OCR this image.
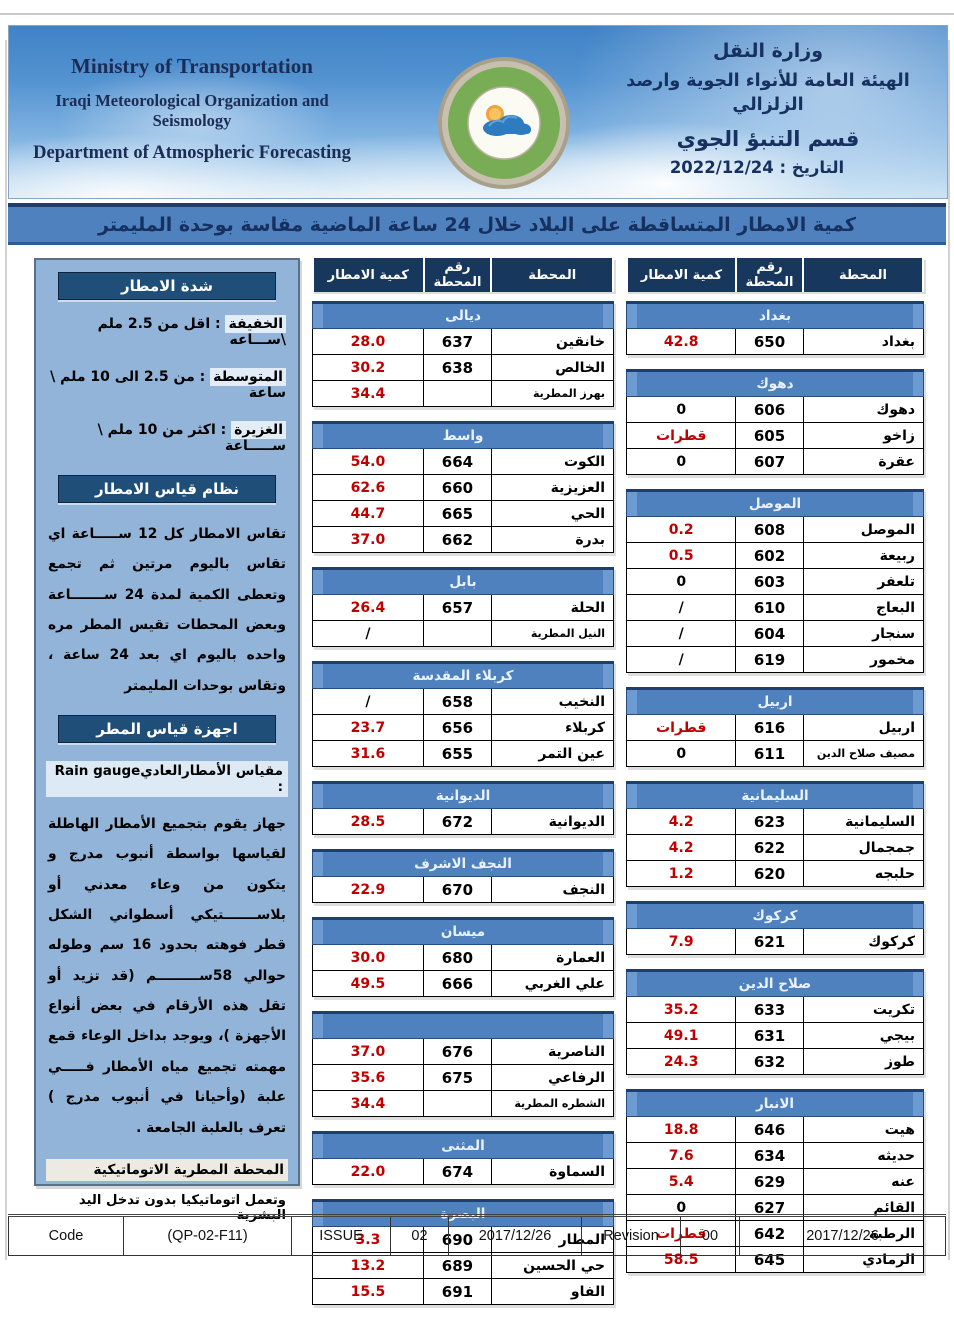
Ministry of Transportation
Iraqi Meteorological Organization and Seismology
Department of Atmospheric Forecasting
وزارة النقل
الهيئة العامة للأنواء الجوية وارصد الزلزالي
قسم التنبؤ الجوي
التاريخ : 2022/12/24
كمية الامطار المتساقطة على البلاد خلال 24 ساعة الماضية مقاسة بوحدة المليمتر
المحطة	رقم المحطة	كمية الامطار
بغداد
بغداد	650	42.8
دهوك		
دهوك	606	0
زاخو	605	قطرات
عقرة	607	0
الموصل		
الموصل	608	0.2
ربيعة	602	0.5
تلعفر	603	0
البعاج	610	/
سنجار	604	/
مخمور	619	/
اربيل		
اربيل	616	قطرات
مصيف صلاح الدين	611	0
السليمانية		
السليمانية	623	4.2
جمجمال	622	4.2
حلبجه	620	1.2
كركوك
كركوك	621	7.9
صلاح الدين		
تكريت	633	35.2
بيجي	631	49.1
طوز	632	24.3
الانبار		
هيت	646	18.8
حديثه	634	7.6
عنه	629	5.4
القائم	627	0
الرطبة	642	قطرات
الرمادي	645	58.5
المحطة	رقم المحطة	كمية الامطار
ديالى		
خانقين	637	28.0
الخالص	638	30.2
بهرز المطرية		34.4
واسط		
الكوت	664	54.0
العزيزية	660	62.6
الحي	665	44.7
بدرة	662	37.0
بابل		
الحلة	657	26.4
النيل المطرية		/
كربلاء المقدسة		
النخيب	658	/
كربلاء	656	23.7
عين التمر	655	31.6
الديوانية
الديوانية	672	28.5
النجف الاشرف
النجف	670	22.9
ميسان		
العمارة	680	30.0
علي الغربي	666	49.5

الناصرية	676	37.0
الرفاعي	675	35.6
الشطره المطرية		34.4
المثنى
السماوة	674	22.0
البصرة		
المطار	690	3.3
حي الحسين	689	13.2
الفاو	691	15.5
شدة الامطار
الخفيفة : اقل من 2.5 ملم \ســـاعه
المتوسطة : من 2.5 الى 10 ملم \ ساعة
الغزيرة : اكثر من 10 ملم \ ســـــاعة
نظام قياس الامطار
تقاس الامطار كل 12 ســـــاعة اي تقاس باليوم مرتين ثم تجمع وتعطى الكمية لمدة 24 ســـــــاعة وبعض المحطات تقيس المطر مره واحده باليوم اي بعد 24 ساعة ، وتقاس بوحدات المليمتر
اجهزة قياس المطر
مقياس الأمطارالعاديRain gauge :
جهاز يقوم بتجميع الأمطار الهاطلة لقياسها بواسطة أنبوب مدرج و يتكون من وعاء معدني أو بلاســـــــتيكي أسطواني الشكل قطر فوهته بحدود 16 سم وطوله حوالي 58ســـــــــم (قد تزيد أو تقل هذه الأرقام في بعض أنواع الأجهزة )، ويوجد بداخل الوعاء قمع مهمته تجميع مياه الأمطار فـــــي علبة (وأحيانا في أنبوب مدرج ) تعرف بالعلبة الجامعة .
المحطة المطرية الاتوماتيكية
وتعمل اتوماتيكيا بدون تدخل اليد البشرية
Code	(QP-02-F11)	ISSUE	02	2017/12/26	Revision	00	2017/12/26
